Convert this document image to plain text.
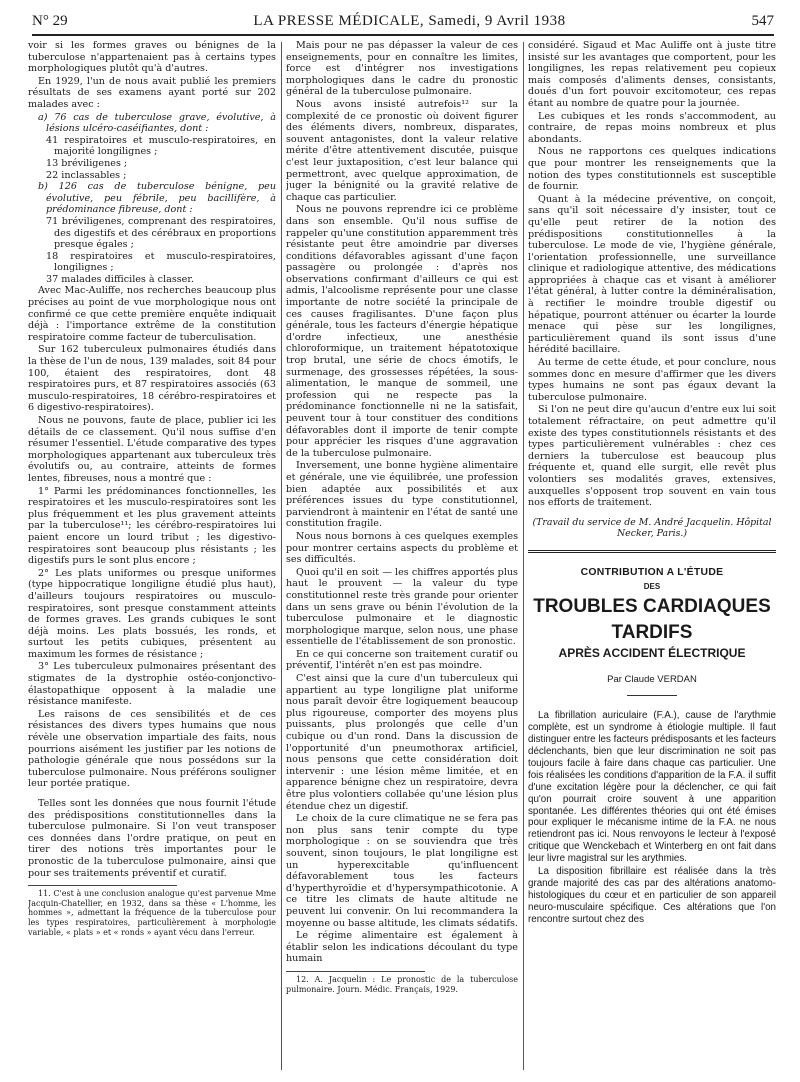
N° 29	LA PRESSE MÉDICALE, Samedi, 9 Avril 1938	547

voir si les formes graves ou bénignes de la tuberculose n'appartenaient pas à certains types morphologiques plutôt qu'à d'autres.

En 1929, l'un de nous avait publié les premiers résultats de ses examens ayant porté sur 202 malades avec :

a) 76 cas de tuberculose grave, évolutive, à lésions ulcéro-caséifiantes, dont :

41 respiratoires et musculo-respiratoires, en majorité longilignes ;

13 bréviligenes ;

22 inclassables ;

b) 126 cas de tuberculose bénigne, peu évolutive, peu fébrile, peu bacillifère, à prédominance fibreuse, dont :

71 bréviligenes, comprenant des respiratoires, des digestifs et des cérébraux en proportions presque égales ;

18 respiratoires et musculo-respiratoires, longilignes ;

37 malades difficiles à classer.

Avec Mac-Auliffe, nos recherches beaucoup plus précises au point de vue morphologique nous ont confirmé ce que cette première enquête indiquait déjà : l'importance extrême de la constitution respiratoire comme facteur de tuberculisation.

Sur 162 tuberculeux pulmonaires étudiés dans la thèse de l'un de nous, 139 malades, soit 84 pour 100, étaient des respiratoires, dont 48 respiratoires purs, et 87 respiratoires associés (63 musculo-respiratoires, 18 cérébro-respiratoires et 6 digestivo-respiratoires).

Nous ne pouvons, faute de place, publier ici les détails de ce classement. Qu'il nous suffise d'en résumer l'essentiel. L'étude comparative des types morphologiques appartenant aux tuberculeux très évolutifs ou, au contraire, atteints de formes lentes, fibreuses, nous a montré que :

1° Parmi les prédominances fonctionnelles, les respiratoires et les musculo-respiratoires sont les plus fréquemment et les plus gravement atteints par la tuberculose¹¹; les cérébro-respiratoires lui paient encore un lourd tribut ; les digestivo-respiratoires sont beaucoup plus résistants ; les digestifs purs le sont plus encore ;

2° Les plats uniformes ou presque uniformes (type hippocratique longiligne étudié plus haut), d'ailleurs toujours respiratoires ou musculo-respiratoires, sont presque constamment atteints de formes graves. Les grands cubiques le sont déjà moins. Les plats bossués, les ronds, et surtout les petits cubiques, présentent au maximum les formes de résistance ;

3° Les tuberculeux pulmonaires présentant des stigmates de la dystrophie ostéo-conjonctivo-élastopathique opposent à la maladie une résistance manifeste.

Les raisons de ces sensibilités et de ces résistances des divers types humains que nous révèle une observation impartiale des faits, nous pourrions aisément les justifier par les notions de pathologie générale que nous possédons sur la tuberculose pulmonaire. Nous préférons souligner leur portée pratique.

Telles sont les données que nous fournit l'étude des prédispositions constitutionnelles dans la tuberculose pulmonaire. Si l'on veut transposer ces données dans l'ordre pratique, on peut en tirer des notions très importantes pour le pronostic de la tuberculose pulmonaire, ainsi que pour ses traitements préventif et curatif.

11. C'est à une conclusion analogue qu'est parvenue Mme Jacquin-Chatellier, en 1932, dans sa thèse « L'homme, les hommes », admettant la fréquence de la tuberculose pour les types respiratoires, particulièrement à morphologie variable, « plats » et « ronds » ayant vécu dans l'erreur.

Mais pour ne pas dépasser la valeur de ces enseignements, pour en connaître les limites, force est d'intégrer nos investigations morphologiques dans le cadre du pronostic général de la tuberculose pulmonaire.

Nous avons insisté autrefois¹² sur la complexité de ce pronostic où doivent figurer des éléments divers, nombreux, disparates, souvent antagonistes, dont la valeur relative mérite d'être attentivement discutée, puisque c'est leur juxtaposition, c'est leur balance qui permettront, avec quelque approximation, de juger la bénignité ou la gravité relative de chaque cas particulier.

Nous ne pouvons reprendre ici ce problème dans son ensemble. Qu'il nous suffise de rappeler qu'une constitution apparemment très résistante peut être amoindrie par diverses conditions défavorables agissant d'une façon passagère ou prolongée : d'après nos observations confirmant d'ailleurs ce qui est admis, l'alcoolisme représente pour une classe importante de notre société la principale de ces causes fragilisantes. D'une façon plus générale, tous les facteurs d'énergie hépatique d'ordre infectieux, une anesthésie chloroformique, un traitement hépatotoxique trop brutal, une série de chocs émotifs, le surmenage, des grossesses répétées, la sous-alimentation, le manque de sommeil, une profession qui ne respecte pas la prédominance fonctionnelle ni ne la satisfait, peuvent tour à tour constituer des conditions défavorables dont il importe de tenir compte pour apprécier les risques d'une aggravation de la tuberculose pulmonaire.

Inversement, une bonne hygiène alimentaire et générale, une vie équilibrée, une profession bien adaptée aux possibilités et aux préférences issues du type constitutionnel, parviendront à maintenir en l'état de santé une constitution fragile.

Nous nous bornons à ces quelques exemples pour montrer certains aspects du problème et ses difficultés.

Quoi qu'il en soit — les chiffres apportés plus haut le prouvent — la valeur du type constitutionnel reste très grande pour orienter dans un sens grave ou bénin l'évolution de la tuberculose pulmonaire et le diagnostic morphologique marque, selon nous, une phase essentielle de l'établissement de son pronostic.

En ce qui concerne son traitement curatif ou préventif, l'intérêt n'en est pas moindre.

C'est ainsi que la cure d'un tuberculeux qui appartient au type longiligne plat uniforme nous paraît devoir être logiquement beaucoup plus rigoureuse, comporter des moyens plus puissants, plus prolongés que celle d'un cubique ou d'un rond. Dans la discussion de l'opportunité d'un pneumothorax artificiel, nous pensons que cette considération doit intervenir : une lésion même limitée, et en apparence bénigne chez un respiratoire, devra être plus volontiers collabée qu'une lésion plus étendue chez un digestif.

Le choix de la cure climatique ne se fera pas non plus sans tenir compte du type morphologique : on se souviendra que très souvent, sinon toujours, le plat longiligne est un hyperexcitable qu'influencent défavorablement tous les facteurs d'hyperthyroïdie et d'hypersympathicotonie. A ce titre les climats de haute altitude ne peuvent lui convenir. On lui recommandera la moyenne ou basse altitude, les climats sédatifs.

Le régime alimentaire est également à établir selon les indications découlant du type humain

12. A. Jacquelin : Le pronostic de la tuberculose pulmonaire. Journ. Médic. Français, 1929.

considéré. Sigaud et Mac Auliffe ont à juste titre insisté sur les avantages que comportent, pour les longilignes, les repas relativement peu copieux mais composés d'aliments denses, consistants, doués d'un fort pouvoir excitomoteur, ces repas étant au nombre de quatre pour la journée.

Les cubiques et les ronds s'accommodent, au contraire, de repas moins nombreux et plus abondants.

Nous ne rapportons ces quelques indications que pour montrer les renseignements que la notion des types constitutionnels est susceptible de fournir.

Quant à la médecine préventive, on conçoit, sans qu'il soit nécessaire d'y insister, tout ce qu'elle peut retirer de la notion des prédispositions constitutionnelles à la tuberculose. Le mode de vie, l'hygiène générale, l'orientation professionnelle, une surveillance clinique et radiologique attentive, des médications appropriées à chaque cas et visant à améliorer l'état général, à lutter contre la déminéralisation, à rectifier le moindre trouble digestif ou hépatique, pourront atténuer ou écarter la lourde menace qui pèse sur les longilignes, particulièrement quand ils sont issus d'une hérédité bacillaire.

Au terme de cette étude, et pour conclure, nous sommes donc en mesure d'affirmer que les divers types humains ne sont pas égaux devant la tuberculose pulmonaire.

Si l'on ne peut dire qu'aucun d'entre eux lui soit totalement réfractaire, on peut admettre qu'il existe des types constitutionnels résistants et des types particulièrement vulnérables : chez ces derniers la tuberculose est beaucoup plus fréquente et, quand elle surgit, elle revêt plus volontiers ses modalités graves, extensives, auxquelles s'opposent trop souvent en vain tous nos efforts de traitement.

(Travail du service de M. André Jacquelin. Hôpital Necker, Paris.)
CONTRIBUTION A L'ÉTUDE
DES
TROUBLES CARDIAQUES
TARDIFS
APRÈS ACCIDENT ÉLECTRIQUE
Par Claude VERDAN

La fibrillation auriculaire (F.A.), cause de l'arythmie complète, est un syndrome à étiologie multiple. Il faut distinguer entre les facteurs prédisposants et les facteurs déclenchants, bien que leur discrimination ne soit pas toujours facile à faire dans chaque cas particulier. Une fois réalisées les conditions d'apparition de la F.A. il suffit d'une excitation légère pour la déclencher, ce qui fait qu'on pourrait croire souvent à une apparition spontanée. Les différentes théories qui ont été émises pour expliquer le mécanisme intime de la F.A. ne nous retiendront pas ici. Nous renvoyons le lecteur à l'exposé critique que Wenckebach et Winterberg en ont fait dans leur livre magistral sur les arythmies.

La disposition fibrillaire est réalisée dans la très grande majorité des cas par des altérations anatomo-histologiques du cœur et en particulier de son appareil neuro-musculaire spécifique. Ces altérations que l'on rencontre surtout chez des
